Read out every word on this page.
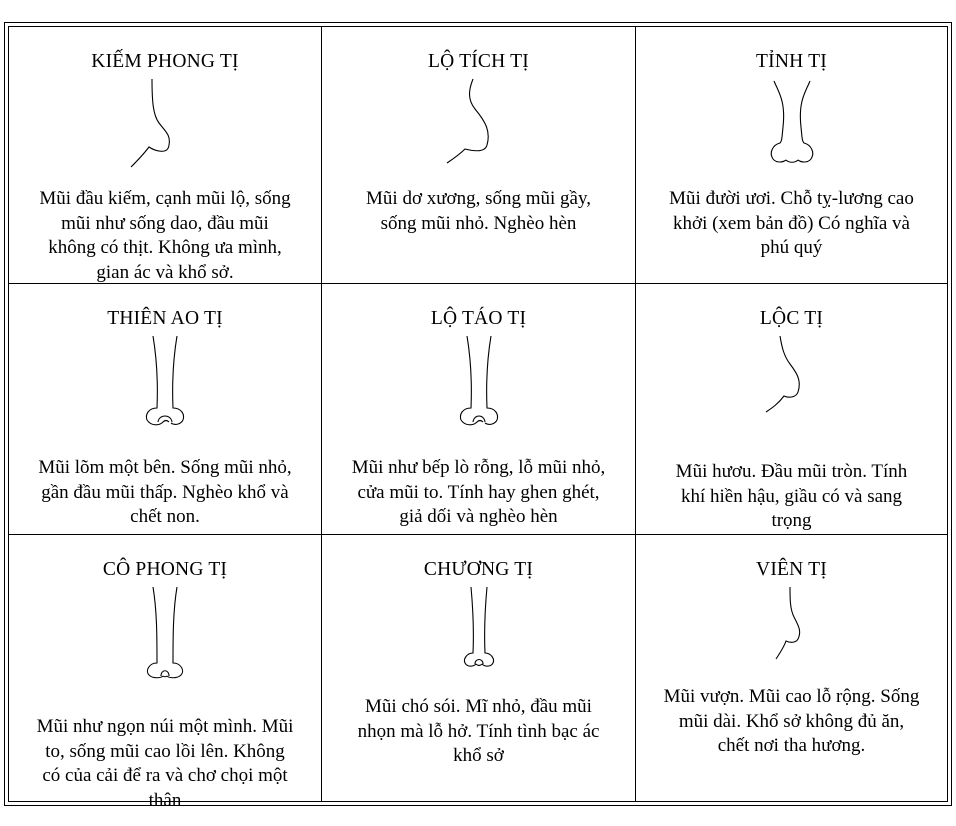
KIẾM PHONG TỊ
Mũi đầu kiếm, cạnh mũi lộ, sống
mũi như sống dao, đầu mũi
không có thịt. Không ưa mình,
gian ác và khổ sở.
LỘ TÍCH TỊ
Mũi dơ xương, sống mũi gầy,
sống mũi nhỏ. Nghèo hèn
TỈNH TỊ
Mũi đười ươi. Chỗ tỵ-lương cao
khởi (xem bản đồ) Có nghĩa và
phú quý
THIÊN AO TỊ
Mũi lõm một bên. Sống mũi nhỏ,
gần đầu mũi thấp. Nghèo khổ và
chết non.
LỘ TÁO TỊ
Mũi như bếp lò rỗng, lỗ mũi nhỏ,
cửa mũi to. Tính hay ghen ghét,
giả dối và nghèo hèn
LỘC TỊ
Mũi hươu. Đầu mũi tròn. Tính
khí hiền hậu, giầu có và sang
trọng
CÔ PHONG TỊ
Mũi như ngọn núi một mình. Mũi
to, sống mũi cao lồi lên. Không
có của cải để ra và chơ chọi một
thân
CHƯƠNG TỊ
Mũi chó sói. Mĩ nhỏ, đầu mũi
nhọn mà lỗ hở. Tính tình bạc ác
khổ sở
VIÊN TỊ
Mũi vượn. Mũi cao lỗ rộng. Sống
mũi dài. Khổ sở không đủ ăn,
chết nơi tha hương.
